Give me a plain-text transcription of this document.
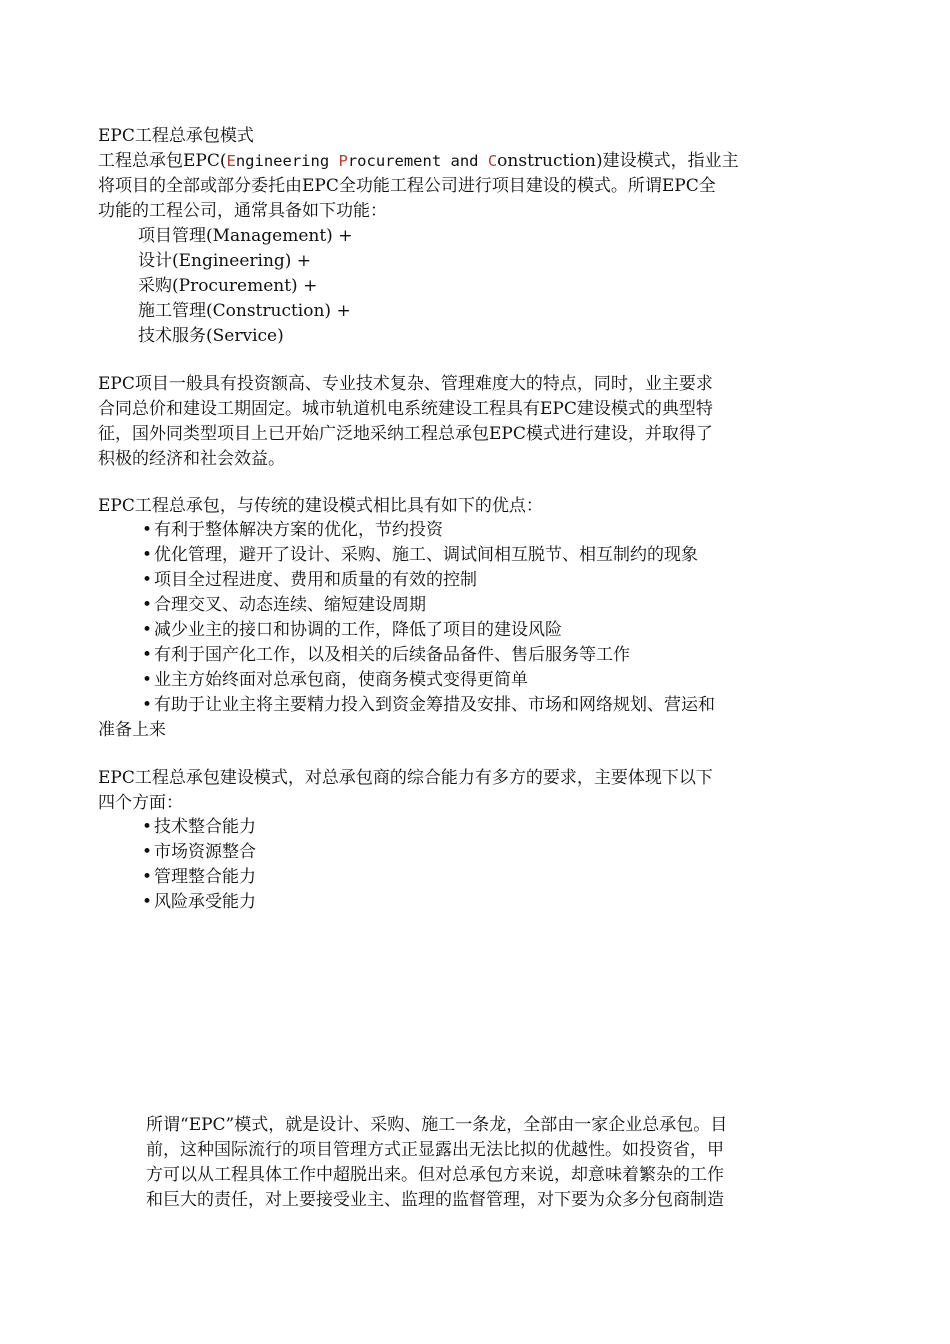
EPC工程总承包模式
工程总承包EPC(Engineering Procurement and Construction)建设模式，指业主
将项目的全部或部分委托由EPC全功能工程公司进行项目建设的模式。所谓EPC全
功能的工程公司，通常具备如下功能：
项目管理(Management) +
设计(Engineering) +
采购(Procurement) +
施工管理(Construction) +
技术服务(Service)
EPC项目一般具有投资额高、专业技术复杂、管理难度大的特点，同时，业主要求
合同总价和建设工期固定。城市轨道机电系统建设工程具有EPC建设模式的典型特
征，国外同类型项目上已开始广泛地采纳工程总承包EPC模式进行建设，并取得了
积极的经济和社会效益。
EPC工程总承包，与传统的建设模式相比具有如下的优点：
• 有利于整体解决方案的优化，节约投资
• 优化管理，避开了设计、采购、施工、调试间相互脱节、相互制约的现象
• 项目全过程进度、费用和质量的有效的控制
• 合理交叉、动态连续、缩短建设周期
• 减少业主的接口和协调的工作，降低了项目的建设风险
• 有利于国产化工作，以及相关的后续备品备件、售后服务等工作
• 业主方始终面对总承包商，使商务模式变得更简单
• 有助于让业主将主要精力投入到资金筹措及安排、市场和网络规划、营运和
准备上来
EPC工程总承包建设模式，对总承包商的综合能力有多方的要求，主要体现下以下
四个方面：
• 技术整合能力
• 市场资源整合
• 管理整合能力
• 风险承受能力
所谓“EPC”模式，就是设计、采购、施工一条龙，全部由一家企业总承包。目
前，这种国际流行的项目管理方式正显露出无法比拟的优越性。如投资省，甲
方可以从工程具体工作中超脱出来。但对总承包方来说，却意味着繁杂的工作
和巨大的责任，对上要接受业主、监理的监督管理，对下要为众多分包商制造
